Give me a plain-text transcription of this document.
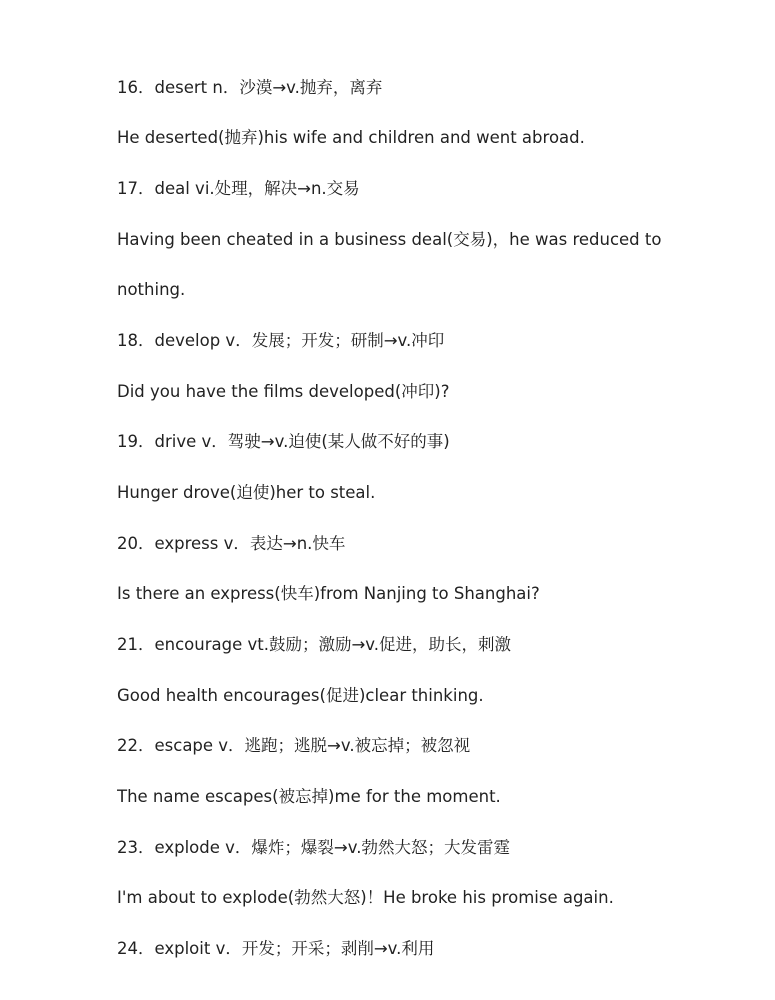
16．desert n．沙漠→v.抛弃，离弃
He deserted(抛弃)his wife and children and went abroad.
17．deal vi.处理，解决→n.交易
Having been cheated in a business deal(交易)，he was reduced to
nothing.
18．develop v．发展；开发；研制→v.冲印
Did you have the films developed(冲印)?
19．drive v．驾驶→v.迫使(某人做不好的事)
Hunger drove(迫使)her to steal.
20．express v．表达→n.快车
Is there an express(快车)from Nanjing to Shanghai?
21．encourage vt.鼓励；激励→v.促进，助长，刺激
Good health encourages(促进)clear thinking.
22．escape v．逃跑；逃脱→v.被忘掉；被忽视
The name escapes(被忘掉)me for the moment.
23．explode v．爆炸；爆裂→v.勃然大怒；大发雷霆
I'm about to explode(勃然大怒)！He broke his promise again.
24．exploit v．开发；开采；剥削→v.利用
